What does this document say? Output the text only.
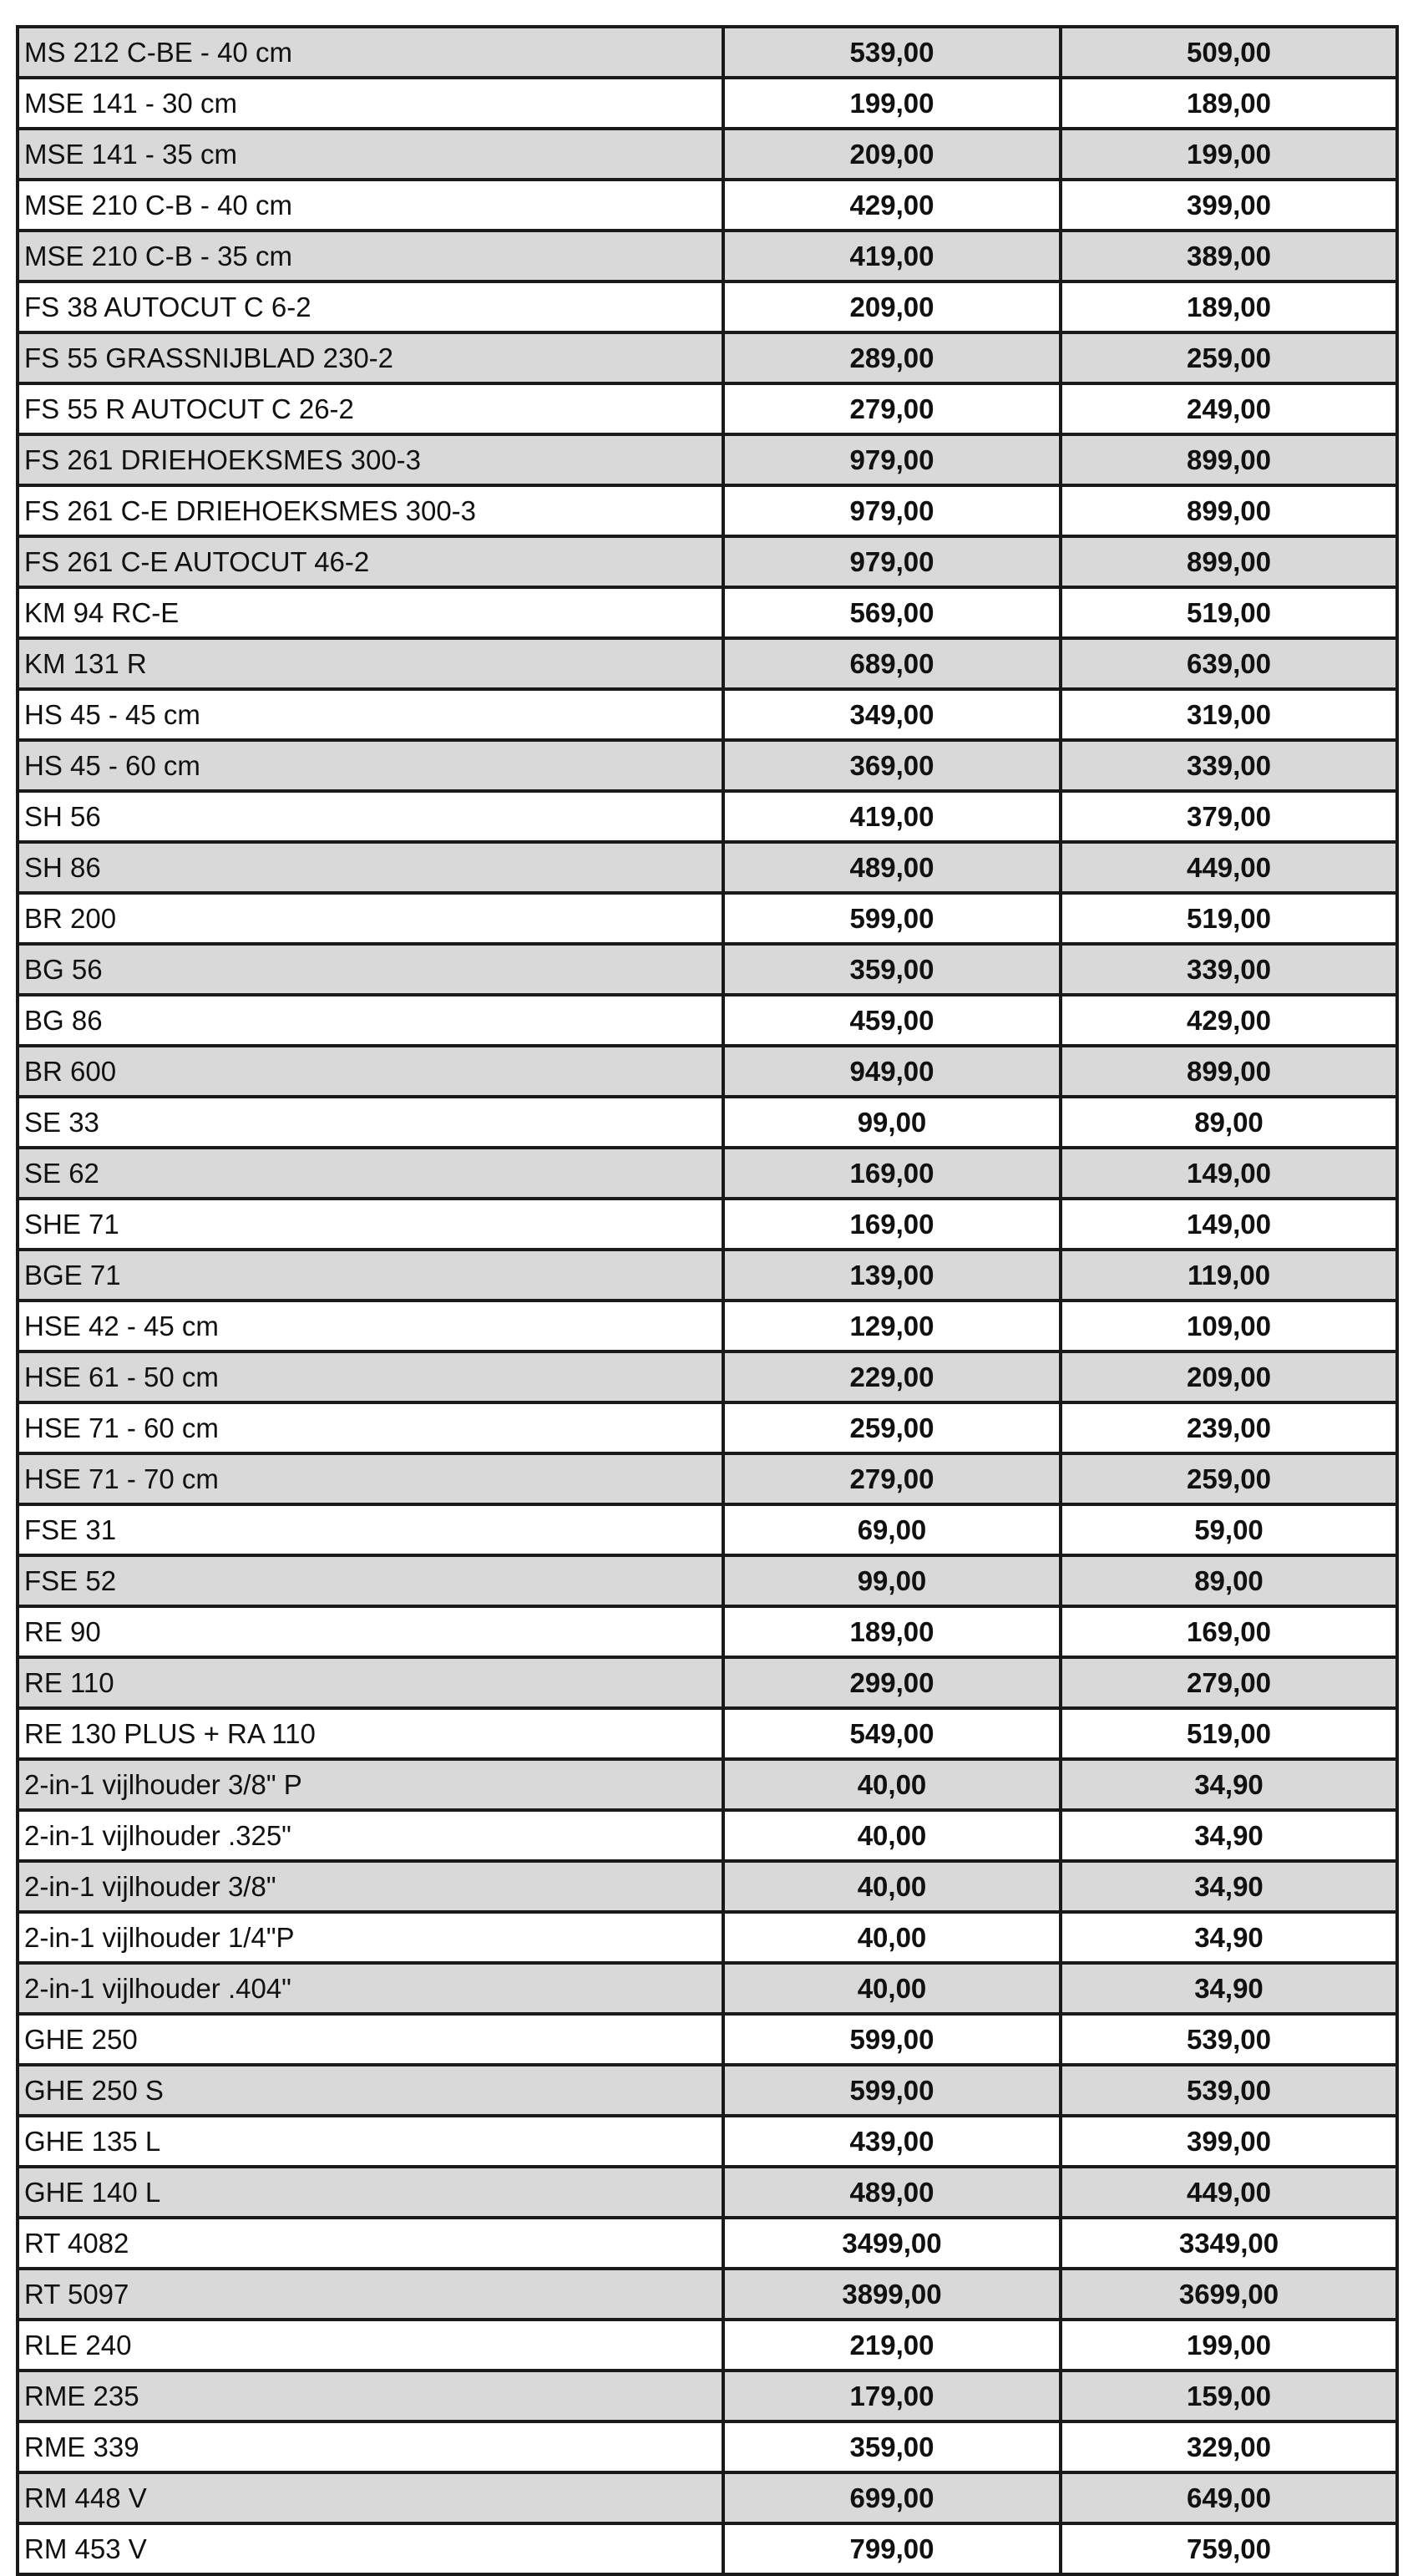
MS 212 C-BE - 40 cm	539,00	509,00
MSE 141 - 30 cm	199,00	189,00
MSE 141 - 35 cm	209,00	199,00
MSE 210 C-B - 40 cm	429,00	399,00
MSE 210 C-B - 35 cm	419,00	389,00
FS 38 AUTOCUT C 6-2	209,00	189,00
FS 55 GRASSNIJBLAD 230-2	289,00	259,00
FS 55 R AUTOCUT C 26-2	279,00	249,00
FS 261 DRIEHOEKSMES 300-3	979,00	899,00
FS 261 C-E DRIEHOEKSMES 300-3	979,00	899,00
FS 261 C-E AUTOCUT 46-2	979,00	899,00
KM 94 RC-E	569,00	519,00
KM 131 R	689,00	639,00
HS 45 - 45 cm	349,00	319,00
HS 45 - 60 cm	369,00	339,00
SH 56	419,00	379,00
SH 86	489,00	449,00
BR 200	599,00	519,00
BG 56	359,00	339,00
BG 86	459,00	429,00
BR 600	949,00	899,00
SE 33	99,00	89,00
SE 62	169,00	149,00
SHE 71	169,00	149,00
BGE 71	139,00	119,00
HSE 42 - 45 cm	129,00	109,00
HSE 61 - 50 cm	229,00	209,00
HSE 71 - 60 cm	259,00	239,00
HSE 71 - 70 cm	279,00	259,00
FSE 31	69,00	59,00
FSE 52	99,00	89,00
RE 90	189,00	169,00
RE 110	299,00	279,00
RE 130 PLUS + RA 110	549,00	519,00
2-in-1 vijlhouder 3/8" P	40,00	34,90
2-in-1 vijlhouder .325"	40,00	34,90
2-in-1 vijlhouder 3/8"	40,00	34,90
2-in-1 vijlhouder 1/4"P	40,00	34,90
2-in-1 vijlhouder .404"	40,00	34,90
GHE 250	599,00	539,00
GHE 250 S	599,00	539,00
GHE 135 L	439,00	399,00
GHE 140 L	489,00	449,00
RT 4082	3499,00	3349,00
RT 5097	3899,00	3699,00
RLE 240	219,00	199,00
RME 235	179,00	159,00
RME 339	359,00	329,00
RM 448 V	699,00	649,00
RM 453 V	799,00	759,00
